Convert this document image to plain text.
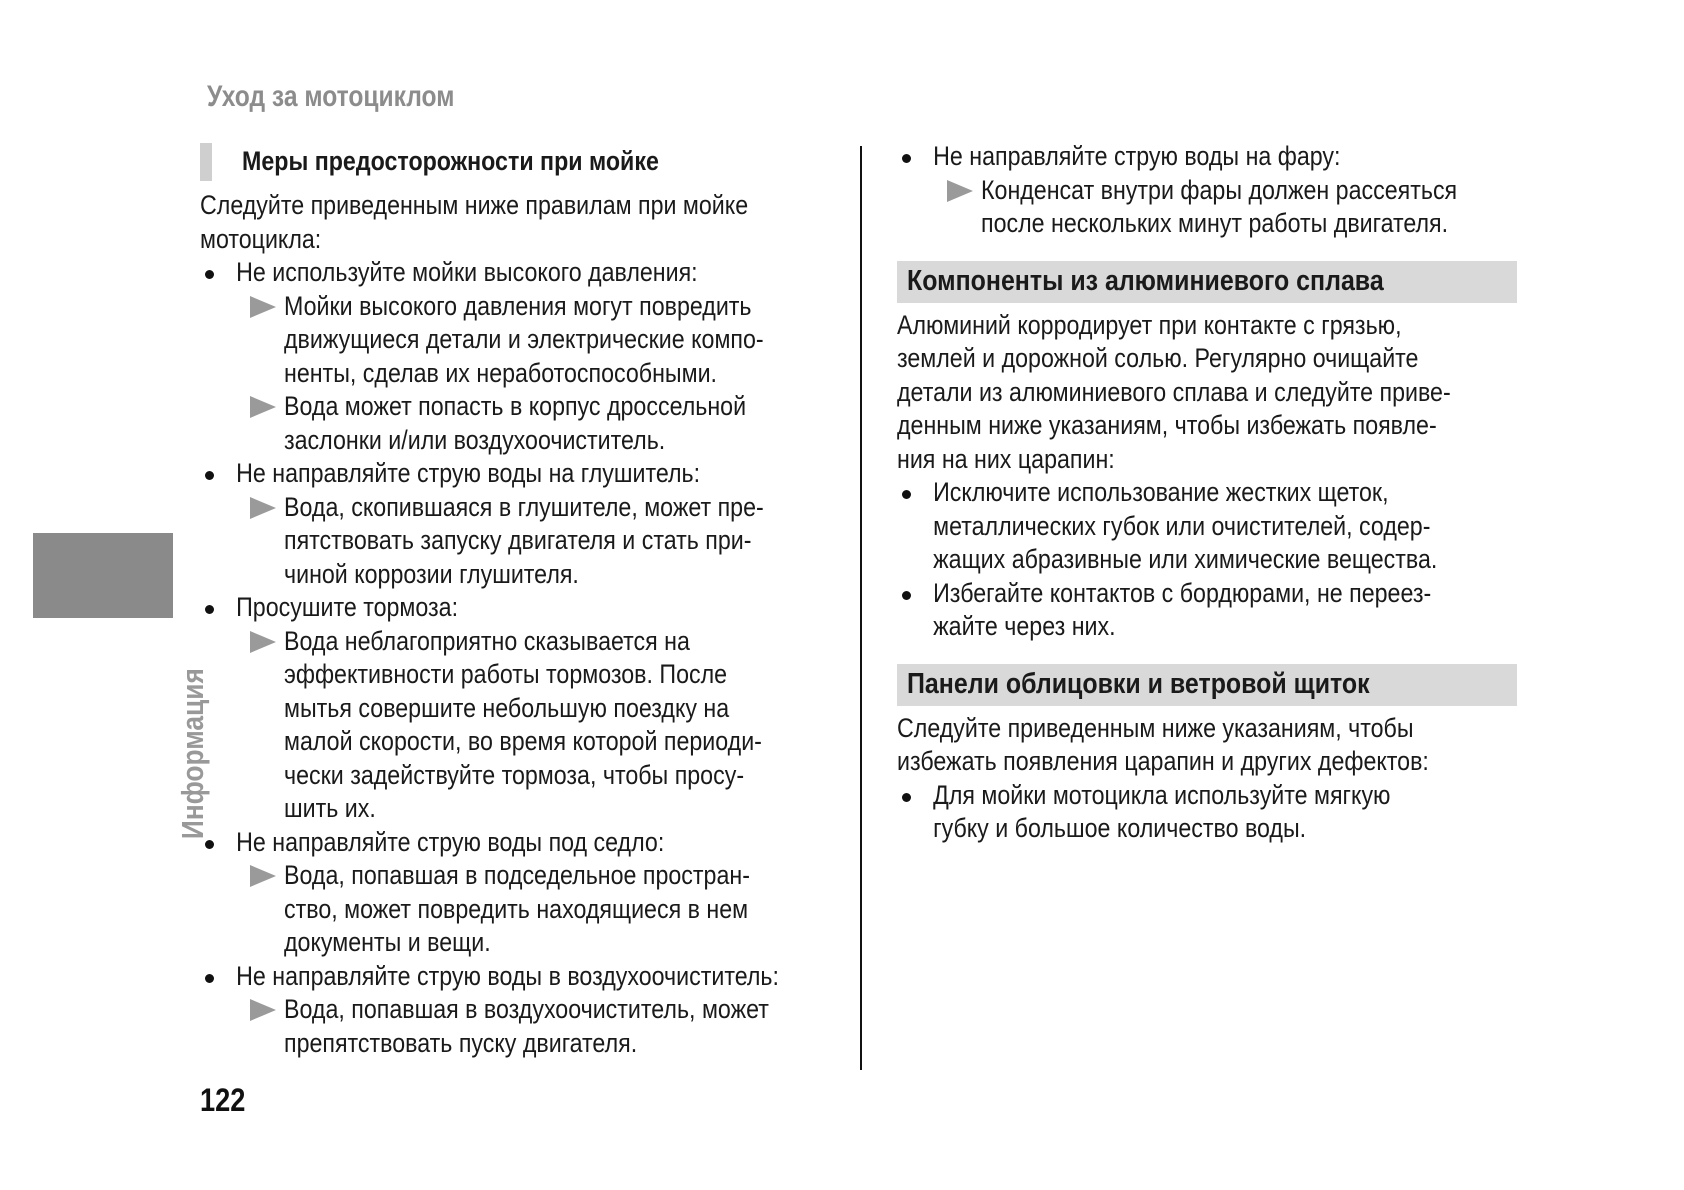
Уход за мотоциклом
Информация
Меры предосторожности при мойке
Следуйте приведенным ниже правилам при мойке
мотоцикла:
Не используйте мойки высокого давления:
Мойки высокого давления могут повредить
движущиеся детали и электрические компо-
ненты, сделав их неработоспособными.
Вода может попасть в корпус дроссельной
заслонки и/или воздухоочиститель.
Не направляйте струю воды на глушитель:
Вода, скопившаяся в глушителе, может пре-
пятствовать запуску двигателя и стать при-
чиной коррозии глушителя.
Просушите тормоза:
Вода неблагоприятно сказывается на
эффективности работы тормозов. После
мытья совершите небольшую поездку на
малой скорости, во время которой периоди-
чески задействуйте тормоза, чтобы просу-
шить их.
Не направляйте струю воды под седло:
Вода, попавшая в подседельное простран-
ство, может повредить находящиеся в нем
документы и вещи.
Не направляйте струю воды в воздухоочиститель:
Вода, попавшая в воздухоочиститель, может
препятствовать пуску двигателя.
Не направляйте струю воды на фару:
Конденсат внутри фары должен рассеяться
после нескольких минут работы двигателя.
Компоненты из алюминиевого сплава
Алюминий корродирует при контакте с грязью,
землей и дорожной солью. Регулярно очищайте
детали из алюминиевого сплава и следуйте приве-
денным ниже указаниям, чтобы избежать появле-
ния на них царапин:
Исключите использование жестких щеток,
металлических губок или очистителей, содер-
жащих абразивные или химические вещества.
Избегайте контактов с бордюрами, не переез-
жайте через них.
Панели облицовки и ветровой щиток
Следуйте приведенным ниже указаниям, чтобы
избежать появления царапин и других дефектов:
Для мойки мотоцикла используйте мягкую
губку и большое количество воды.
122
